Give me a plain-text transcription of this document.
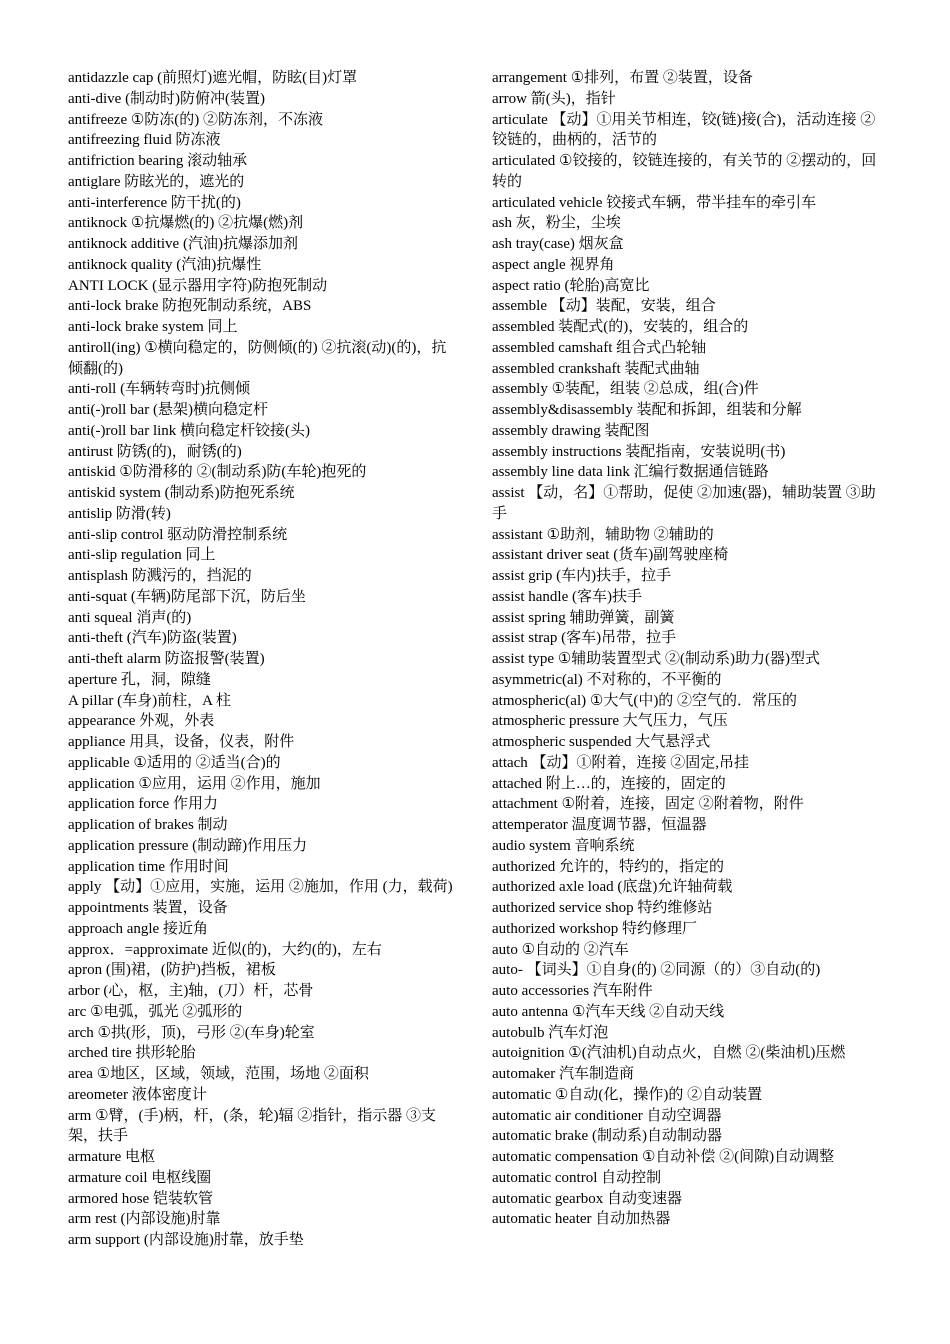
antidazzle cap (前照灯)遮光帽，防眩(目)灯罩

anti-dive (制动时)防俯冲(装置)

antifreeze ①防冻(的) ②防冻剂，不冻液

antifreezing fluid 防冻液

antifriction bearing 滚动轴承

antiglare 防眩光的，遮光的

anti-interference 防干扰(的)

antiknock ①抗爆燃(的) ②抗爆(燃)剂

antiknock additive (汽油)抗爆添加剂

antiknock quality (汽油)抗爆性

ANTI LOCK (显示器用字符)防抱死制动

anti-lock brake 防抱死制动系统，ABS

anti-lock brake system 同上

antiroll(ing) ①横向稳定的，防侧倾(的) ②抗滚(动)(的)，抗倾翻(的)

anti-roll (车辆转弯时)抗侧倾

anti(-)roll bar (悬架)横向稳定杆

anti(-)roll bar link 横向稳定杆铰接(头)

antirust 防锈(的)，耐锈(的)

antiskid ①防滑移的 ②(制动系)防(车轮)抱死的

antiskid system (制动系)防抱死系统

antislip 防滑(转)

anti-slip control 驱动防滑控制系统

anti-slip regulation 同上

antisplash 防溅污的，挡泥的

anti-squat (车辆)防尾部下沉，防后坐

anti squeal 消声(的)

anti-theft (汽车)防盗(装置)

anti-theft alarm 防盗报警(装置)

aperture 孔，洞，隙缝

A pillar (车身)前柱，A 柱

appearance 外观，外表

appliance 用具，设备，仪表，附件

applicable ①适用的 ②适当(合)的

application ①应用，运用 ②作用，施加

application force 作用力

application of brakes 制动

application pressure (制动蹄)作用压力

application time 作用时间

apply 【动】①应用，实施，运用 ②施加，作用 (力，载荷)

appointments 装置，设备

approach angle 接近角

approx．=approximate 近似(的)，大约(的)，左右

apron (围)裙，(防护)挡板，裙板

arbor (心，枢，主)轴，(刀）杆，芯骨

arc ①电弧，弧光 ②弧形的

arch ①拱(形，顶)，弓形 ②(车身)轮室

arched tire 拱形轮胎

area ①地区，区域，领域，范围，场地 ②面积

areometer 液体密度计

arm ①臂，(手)柄，杆，(条，轮)辐 ②指针，指示器 ③支架，扶手

armature 电枢

armature coil 电枢线圈

armored hose 铠装软管

arm rest (内部设施)肘靠

arm support (内部设施)肘靠，放手垫

arrangement ①排列，布置 ②装置，设备

arrow 箭(头)，指针

articulate 【动】①用关节相连，铰(链)接(合)，活动连接 ②铰链的，曲柄的，活节的

articulated ①铰接的，铰链连接的，有关节的 ②摆动的，回转的

articulated vehicle 铰接式车辆，带半挂车的牵引车

ash 灰，粉尘，尘埃

ash tray(case) 烟灰盒

aspect angle 视界角

aspect ratio (轮胎)高宽比

assemble 【动】装配，安装，组合

assembled 装配式(的)，安装的，组合的

assembled camshaft 组合式凸轮轴

assembled crankshaft 装配式曲轴

assembly ①装配，组装 ②总成，组(合)件

assembly&disassembly 装配和拆卸，组装和分解

assembly drawing 装配图

assembly instructions 装配指南，安装说明(书)

assembly line data link 汇编行数据通信链路

assist 【动，名】①帮助，促使 ②加速(器)，辅助装置 ③助手

assistant ①助剂，辅助物 ②辅助的

assistant driver seat (货车)副驾驶座椅

assist grip (车内)扶手，拉手

assist handle (客车)扶手

assist spring 辅助弹簧，副簧

assist strap (客车)吊带，拉手

assist type ①辅助装置型式 ②(制动系)助力(器)型式

asymmetric(al) 不对称的，不平衡的

atmospheric(al) ①大气(中)的 ②空气的．常压的

atmospheric pressure 大气压力，气压

atmospheric suspended 大气悬浮式

attach 【动】①附着，连接 ②固定,吊挂

attached 附上…的，连接的，固定的

attachment ①附着，连接，固定 ②附着物，附件

attemperator 温度调节器，恒温器

audio system 音响系统

authorized 允许的，特约的，指定的

authorized axle load (底盘)允许轴荷载

authorized service shop 特约维修站

authorized workshop 特约修理厂

auto ①自动的 ②汽车

auto- 【词头】①自身(的) ②同源（的）③自动(的)

auto accessories 汽车附件

auto antenna ①汽车天线 ②自动天线

autobulb 汽车灯泡

autoignition ①(汽油机)自动点火，自燃 ②(柴油机)压燃

automaker 汽车制造商

automatic ①自动(化，操作)的 ②自动装置

automatic air conditioner 自动空调器

automatic brake (制动系)自动制动器

automatic compensation ①自动补偿 ②(间隙)自动调整

automatic control 自动控制

automatic gearbox 自动变速器

automatic heater 自动加热器
